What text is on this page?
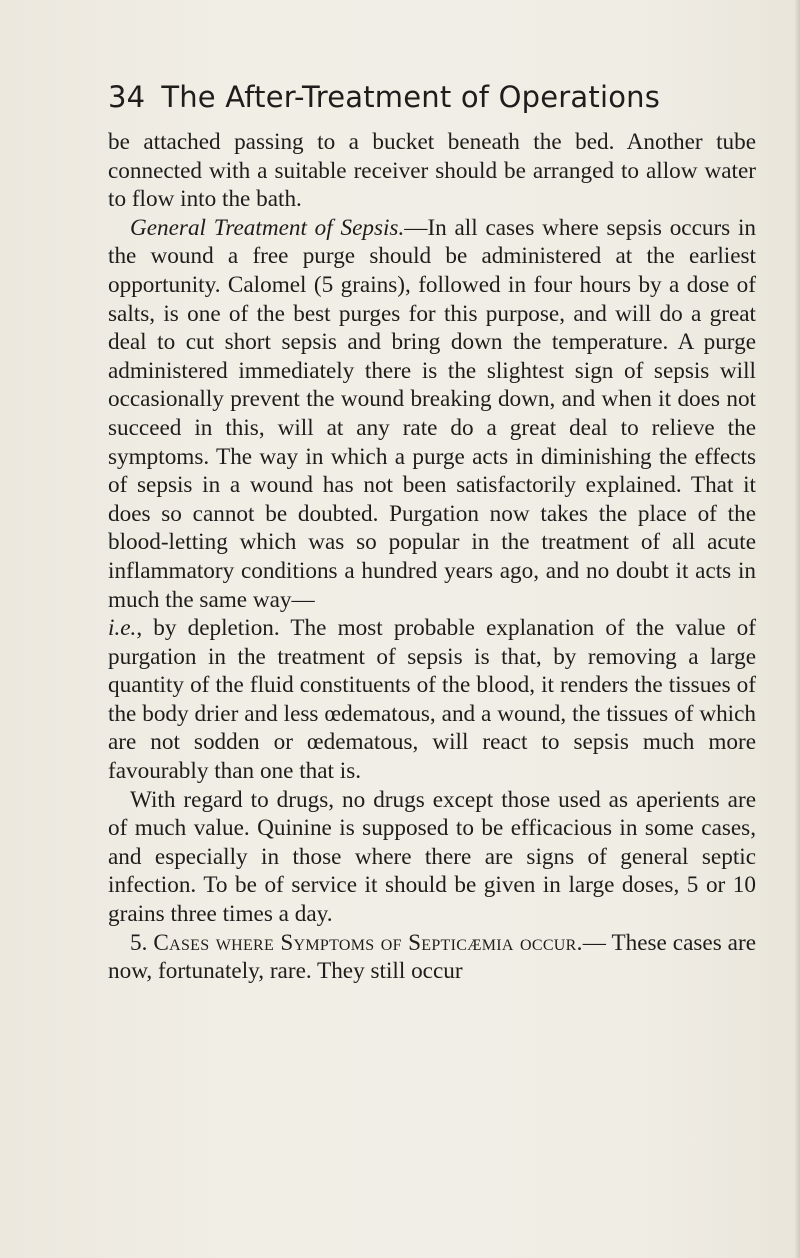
34 The After-Treatment of Operations

be attached passing to a bucket beneath the bed. Another tube connected with a suitable receiver should be arranged to allow water to flow into the bath.

General Treatment of Sepsis.—In all cases where sepsis occurs in the wound a free purge should be administered at the earliest opportunity. Calomel (5 grains), followed in four hours by a dose of salts, is one of the best purges for this purpose, and will do a great deal to cut short sepsis and bring down the temperature. A purge administered immediately there is the slightest sign of sepsis will occasionally prevent the wound breaking down, and when it does not succeed in this, will at any rate do a great deal to relieve the symptoms. The way in which a purge acts in diminishing the effects of sepsis in a wound has not been satisfactorily explained. That it does so cannot be doubted. Purgation now takes the place of the blood-letting which was so popular in the treatment of all acute inflammatory conditions a hundred years ago, and no doubt it acts in much the same way—
i.e., by depletion. The most probable explanation of the value of purgation in the treatment of sepsis is that, by removing a large quantity of the fluid constituents of the blood, it renders the tissues of the body drier and less œdematous, and a wound, the tissues of which are not sodden or œdematous, will react to sepsis much more favourably than one that is.

With regard to drugs, no drugs except those used as aperients are of much value. Quinine is supposed to be efficacious in some cases, and especially in those where there are signs of general septic infection. To be of service it should be given in large doses, 5 or 10 grains three times a day.

5. Cases where Symptoms of Septicæmia occur.— These cases are now, fortunately, rare. They still occur
